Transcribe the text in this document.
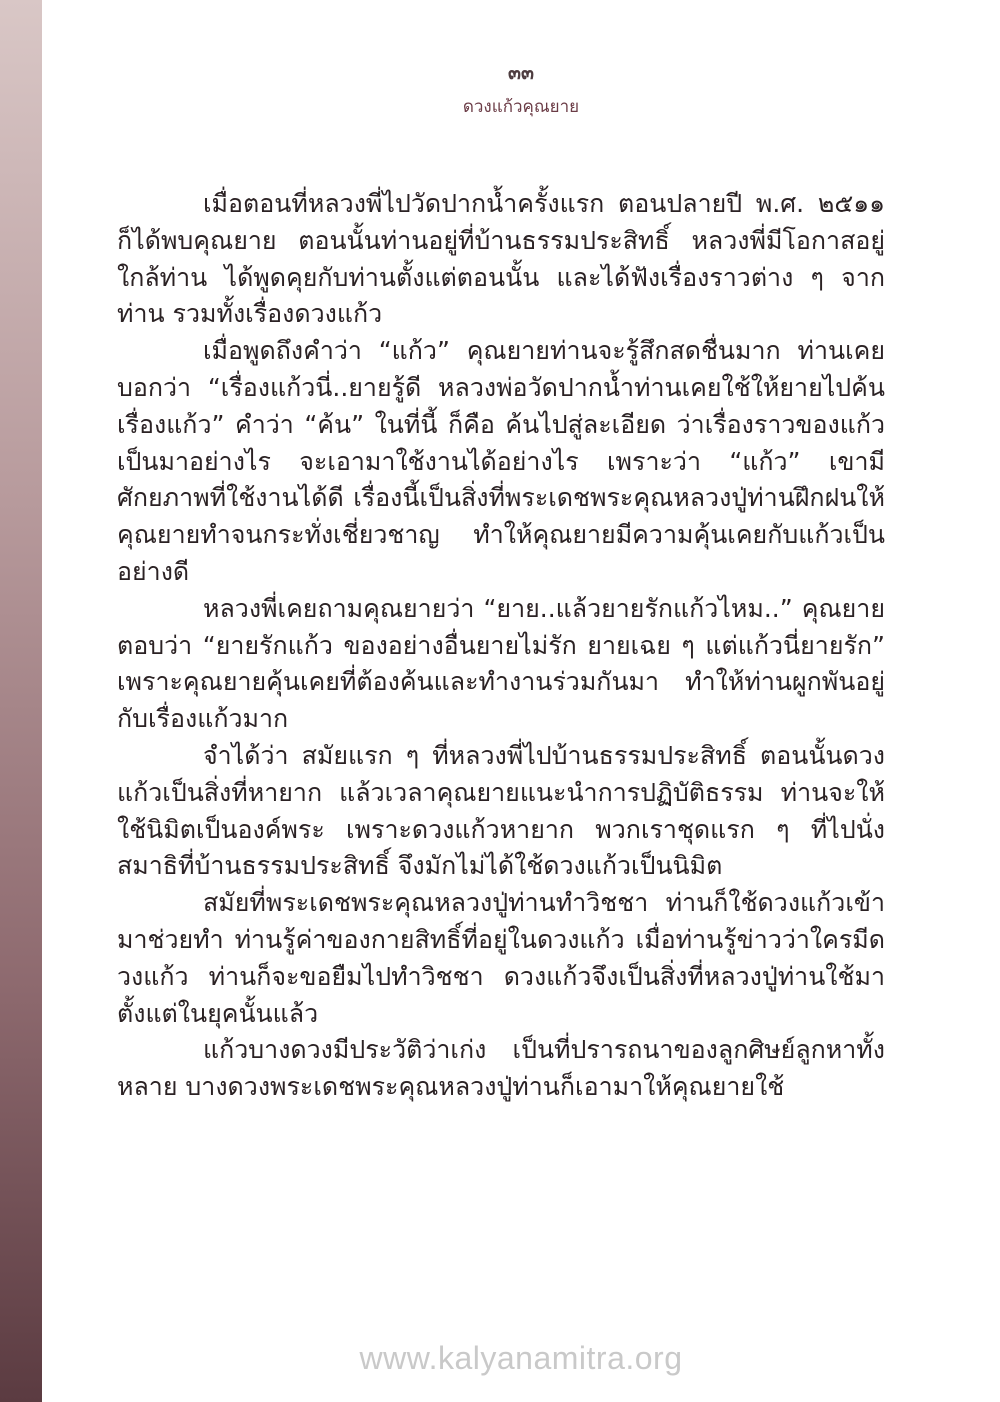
๓๓
ดวงแก้วคุณยาย

เมื่อตอนที่หลวงพี่ไปวัดปากน้ำครั้งแรก ตอนปลายปี พ.ศ. ๒๕๑๑ ก็ได้พบคุณยาย ตอนนั้นท่านอยู่ที่บ้านธรรมประสิทธิ์ หลวงพี่มีโอกาสอยู่ใกล้ท่าน ได้พูดคุยกับท่านตั้งแต่ตอนนั้น และได้ฟังเรื่องราวต่าง ๆ จากท่าน รวมทั้งเรื่องดวงแก้ว

เมื่อพูดถึงคำว่า “แก้ว” คุณยายท่านจะรู้สึกสดชื่นมาก ท่านเคยบอกว่า “เรื่องแก้วนี่..ยายรู้ดี หลวงพ่อวัดปากน้ำท่านเคยใช้ให้ยายไปค้นเรื่องแก้ว” คำว่า “ค้น” ในที่นี้ ก็คือ ค้นไปสู่ละเอียด ว่าเรื่องราวของแก้วเป็นมาอย่างไร จะเอามาใช้งานได้อย่างไร เพราะว่า “แก้ว” เขามีศักยภาพที่ใช้งานได้ดี เรื่องนี้เป็นสิ่งที่พระเดชพระคุณหลวงปู่ท่านฝึกฝนให้คุณยายทำจนกระทั่งเชี่ยวชาญ ทำให้คุณยายมีความคุ้นเคยกับแก้วเป็นอย่างดี

หลวงพี่เคยถามคุณยายว่า “ยาย..แล้วยายรักแก้วไหม..” คุณยายตอบว่า “ยายรักแก้ว ของอย่างอื่นยายไม่รัก ยายเฉย ๆ แต่แก้วนี่ยายรัก” เพราะคุณยายคุ้นเคยที่ต้องค้นและทำงานร่วมกันมา ทำให้ท่านผูกพันอยู่กับเรื่องแก้วมาก

จำได้ว่า สมัยแรก ๆ ที่หลวงพี่ไปบ้านธรรมประสิทธิ์ ตอนนั้นดวงแก้วเป็นสิ่งที่หายาก แล้วเวลาคุณยายแนะนำการปฏิบัติธรรม ท่านจะให้ใช้นิมิตเป็นองค์พระ เพราะดวงแก้วหายาก พวกเราชุดแรก ๆ ที่ไปนั่งสมาธิที่บ้านธรรมประสิทธิ์ จึงมักไม่ได้ใช้ดวงแก้วเป็นนิมิต

สมัยที่พระเดชพระคุณหลวงปู่ท่านทำวิชชา ท่านก็ใช้ดวงแก้วเข้ามาช่วยทำ ท่านรู้ค่าของกายสิทธิ์ที่อยู่ในดวงแก้ว เมื่อท่านรู้ข่าวว่าใครมีดวงแก้ว ท่านก็จะขอยืมไปทำวิชชา ดวงแก้วจึงเป็นสิ่งที่หลวงปู่ท่านใช้มาตั้งแต่ในยุคนั้นแล้ว

แก้วบางดวงมีประวัติว่าเก่ง เป็นที่ปรารถนาของลูกศิษย์ลูกหาทั้งหลาย บางดวงพระเดชพระคุณหลวงปู่ท่านก็เอามาให้คุณยายใช้

www.kalyanamitra.org
